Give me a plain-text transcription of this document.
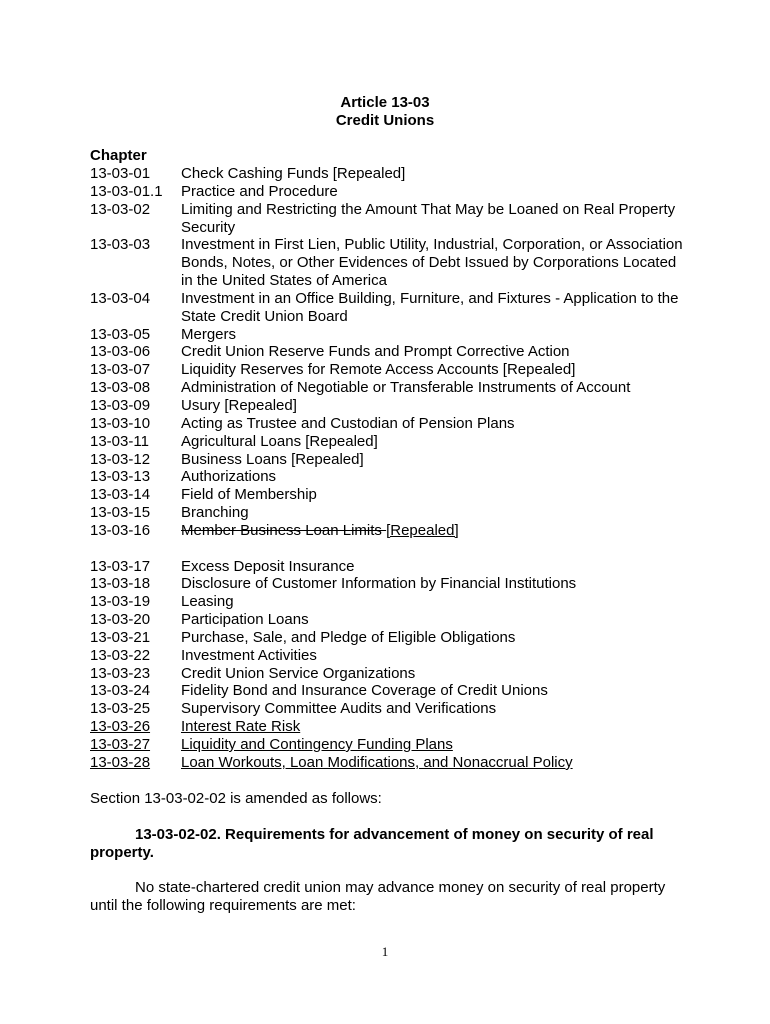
Article 13-03
Credit Unions
Chapter
13-03-01	Check Cashing Funds [Repealed]
13-03-01.1	Practice and Procedure
13-03-02	Limiting and Restricting the Amount That May be Loaned on Real Property Security
13-03-03	Investment in First Lien, Public Utility, Industrial, Corporation, or Association Bonds, Notes, or Other Evidences of Debt Issued by Corporations Located in the United States of America
13-03-04	Investment in an Office Building, Furniture, and Fixtures - Application to the State Credit Union Board
13-03-05	Mergers
13-03-06	Credit Union Reserve Funds and Prompt Corrective Action
13-03-07	Liquidity Reserves for Remote Access Accounts [Repealed]
13-03-08	Administration of Negotiable or Transferable Instruments of Account
13-03-09	Usury [Repealed]
13-03-10	Acting as Trustee and Custodian of Pension Plans
13-03-11	Agricultural Loans [Repealed]
13-03-12	Business Loans [Repealed]
13-03-13	Authorizations
13-03-14	Field of Membership
13-03-15	Branching
13-03-16	Member Business Loan Limits [Repealed]
13-03-17	Excess Deposit Insurance
13-03-18	Disclosure of Customer Information by Financial Institutions
13-03-19	Leasing
13-03-20	Participation Loans
13-03-21	Purchase, Sale, and Pledge of Eligible Obligations
13-03-22	Investment Activities
13-03-23	Credit Union Service Organizations
13-03-24	Fidelity Bond and Insurance Coverage of Credit Unions
13-03-25	Supervisory Committee Audits and Verifications
13-03-26	Interest Rate Risk
13-03-27	Liquidity and Contingency Funding Plans
13-03-28	Loan Workouts, Loan Modifications, and Nonaccrual Policy
Section 13-03-02-02 is amended as follows:
13-03-02-02. Requirements for advancement of money on security of real property.
No state-chartered credit union may advance money on security of real property until the following requirements are met:
1
